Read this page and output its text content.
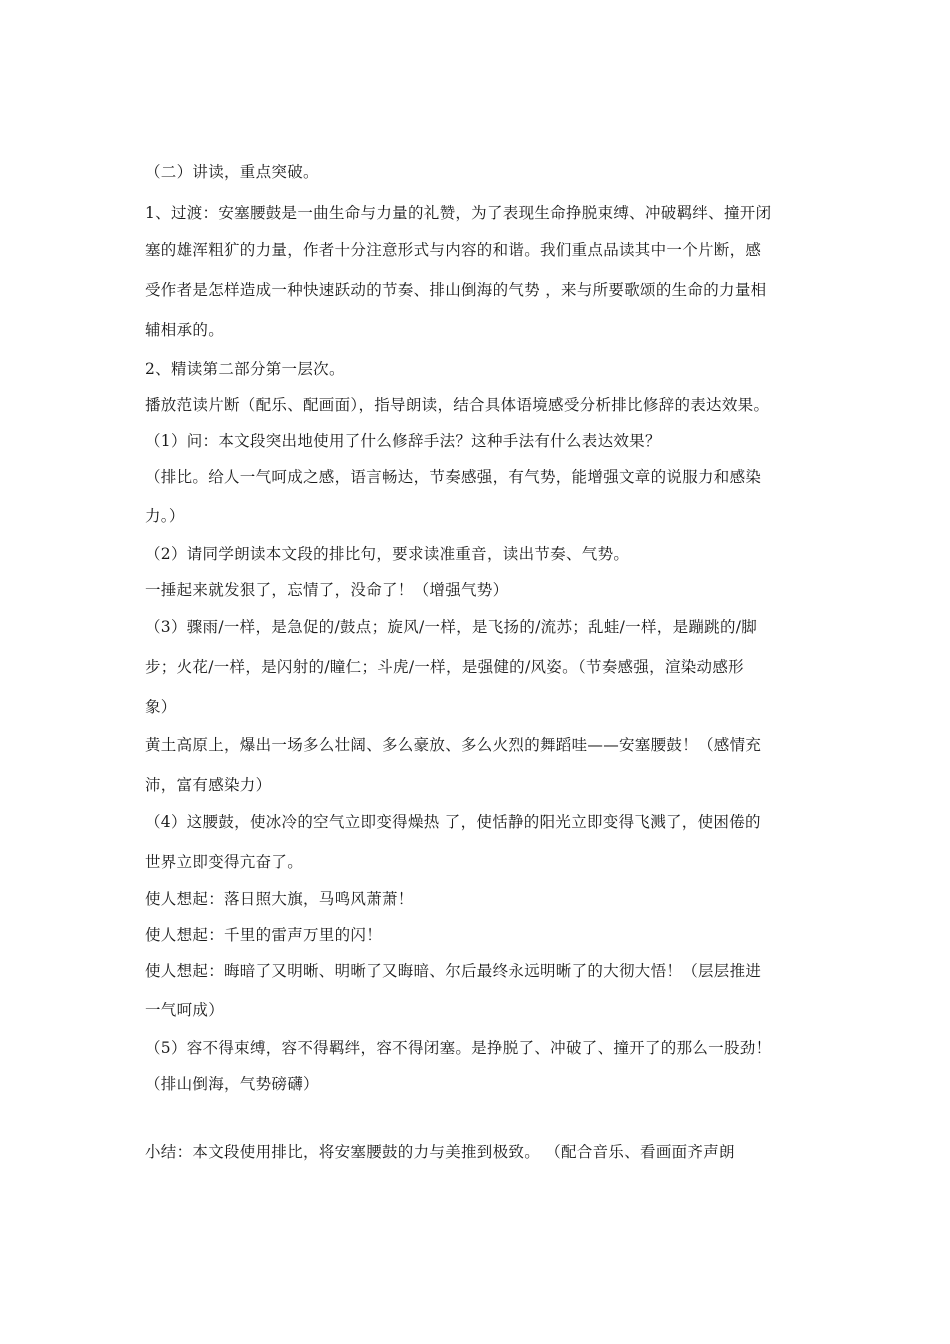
（二）讲读，重点突破。
1、过渡：安塞腰鼓是一曲生命与力量的礼赞，为了表现生命挣脱束缚、冲破羁绊、撞开闭
塞的雄浑粗犷的力量，作者十分注意形式与内容的和谐。我们重点品读其中一个片断，感
受作者是怎样造成一种快速跃动的节奏、排山倒海的气势 ，来与所要歌颂的生命的力量相
辅相承的。
2、精读第二部分第一层次。
播放范读片断（配乐、配画面），指导朗读，结合具体语境感受分析排比修辞的表达效果。
（1）问：本文段突出地使用了什么修辞手法？这种手法有什么表达效果？
（排比。给人一气呵成之感，语言畅达，节奏感强，有气势，能增强文章的说服力和感染
力。）
（2）请同学朗读本文段的排比句，要求读准重音，读出节奏、气势。
一捶起来就发狠了，忘情了，没命了！（增强气势）
（3）骤雨/一样，是急促的/鼓点；旋风/一样，是飞扬的/流苏；乱蛙/一样，是蹦跳的/脚
步；火花/一样，是闪射的/瞳仁；斗虎/一样，是强健的/风姿。（节奏感强，渲染动感形
象）
黄土高原上，爆出一场多么壮阔、多么豪放、多么火烈的舞蹈哇——安塞腰鼓！（感情充
沛，富有感染力）
（4）这腰鼓，使冰冷的空气立即变得燥热 了，使恬静的阳光立即变得飞溅了，使困倦的
世界立即变得亢奋了。
使人想起：落日照大旗，马鸣风萧萧！
使人想起：千里的雷声万里的闪！
使人想起：晦暗了又明晰、明晰了又晦暗、尔后最终永远明晰了的大彻大悟！（层层推进
一气呵成）
（5）容不得束缚，容不得羁绊，容不得闭塞。是挣脱了、冲破了、撞开了的那么一股劲！
（排山倒海，气势磅礴）
小结：本文段使用排比，将安塞腰鼓的力与美推到极致。 （配合音乐、看画面齐声朗
